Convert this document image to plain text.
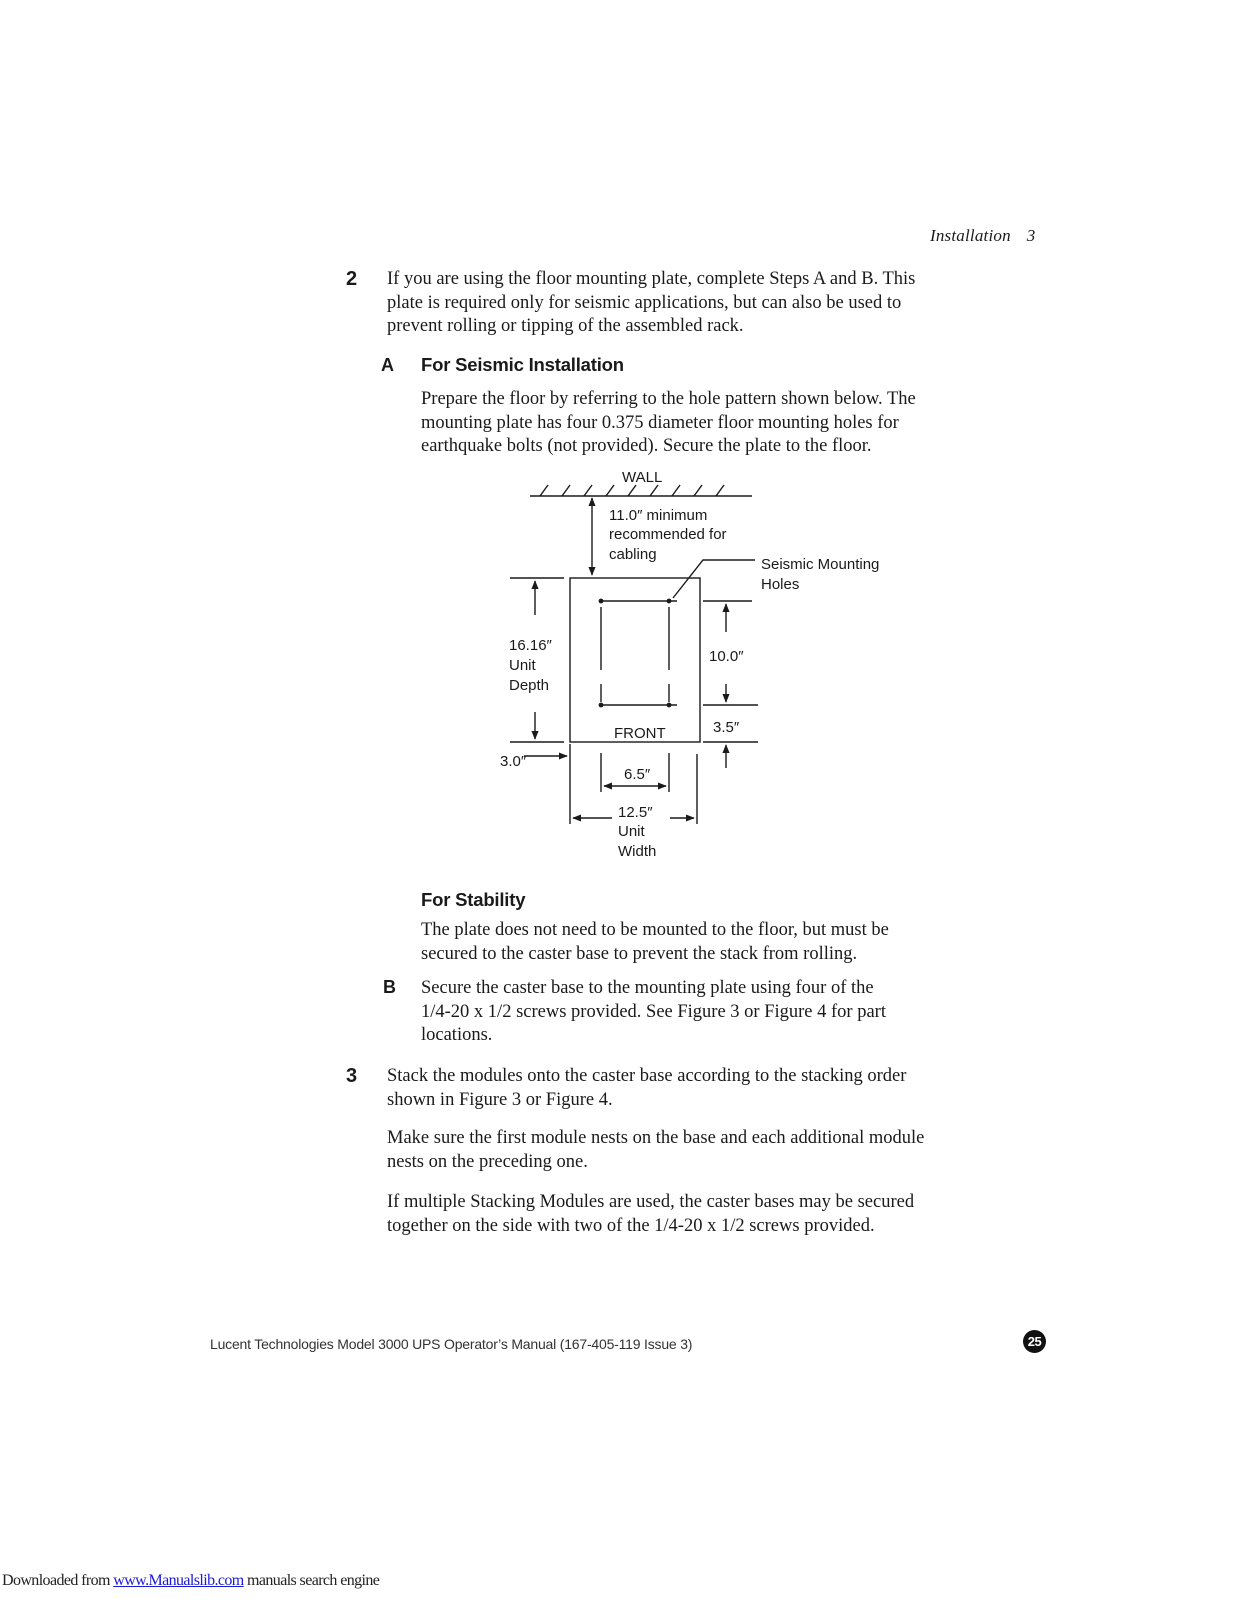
Installation 3
2 If you are using the floor mounting plate, complete Steps A and B. This
plate is required only for seismic applications, but can also be used to
prevent rolling or tipping of the assembled rack.
A For Seismic Installation
Prepare the floor by referring to the hole pattern shown below. The
mounting plate has four 0.375 diameter floor mounting holes for
earthquake bolts (not provided). Secure the plate to the floor.
WALL
11.0″ minimum
recommended for
cabling
Seismic Mounting
Holes
16.16″
Unit
Depth
10.0″
3.5″
FRONT
3.0″
6.5″
12.5″
Unit
Width
For Stability
The plate does not need to be mounted to the floor, but must be
secured to the caster base to prevent the stack from rolling.
B Secure the caster base to the mounting plate using four of the
1/4-20 x 1/2 screws provided. See Figure 3 or Figure 4 for part
locations.
3 Stack the modules onto the caster base according to the stacking order
shown in Figure 3 or Figure 4.
Make sure the first module nests on the base and each additional module
nests on the preceding one.
If multiple Stacking Modules are used, the caster bases may be secured
together on the side with two of the 1/4-20 x 1/2 screws provided.
Lucent Technologies Model 3000 UPS Operator’s Manual (167-405-119 Issue 3)	25
Downloaded from www.Manualslib.com manuals search engine
